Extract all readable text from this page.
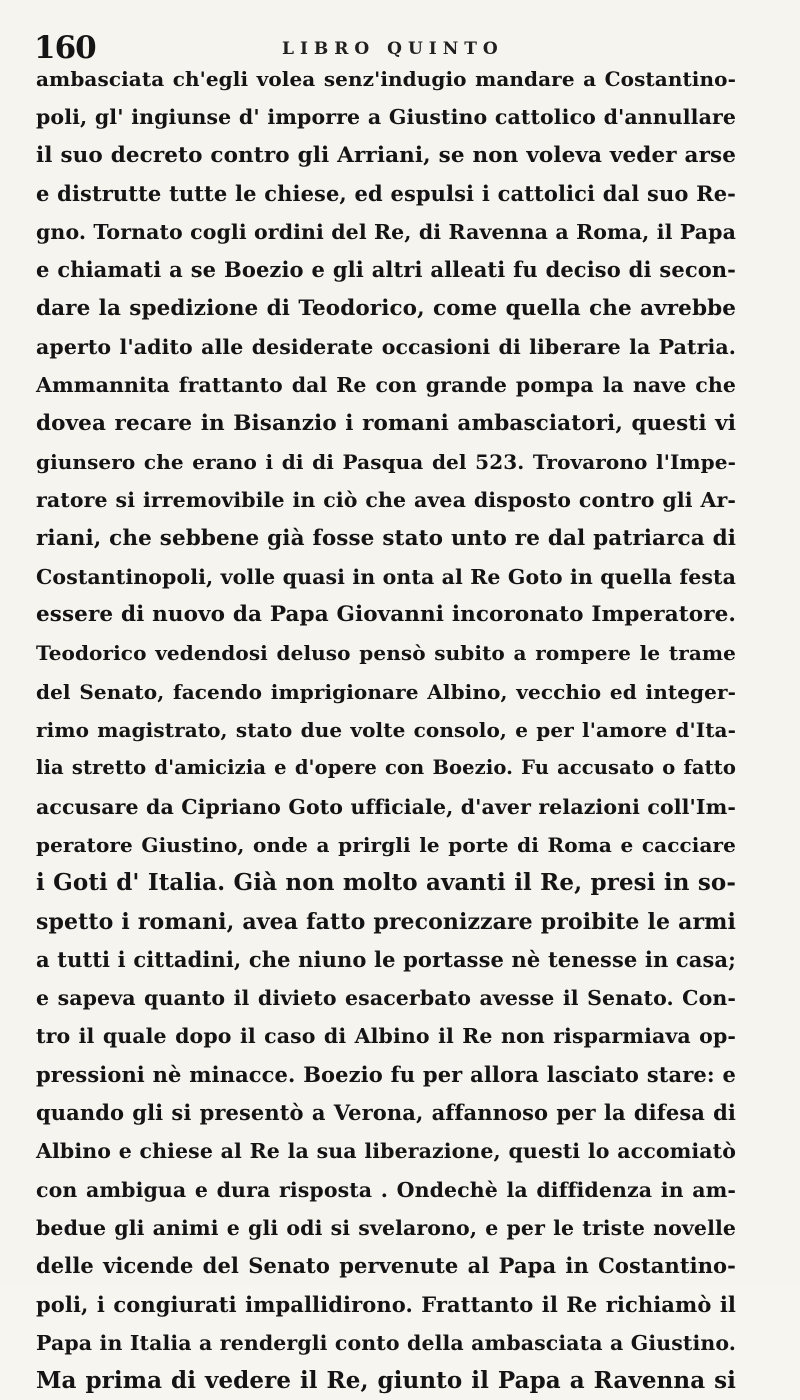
160	LIBRO QUINTO
ambasciata ch'egli volea senz'indugio mandare a Costantino-
poli, gl' ingiunse d' imporre a Giustino cattolico d'annullare
il suo decreto contro gli Arriani, se non voleva veder arse
e distrutte tutte le chiese, ed espulsi i cattolici dal suo Re-
gno. Tornato cogli ordini del Re, di Ravenna a Roma, il Papa
e chiamati a se Boezio e gli altri alleati fu deciso di secon-
dare la spedizione di Teodorico, come quella che avrebbe
aperto l'adito alle desiderate occasioni di liberare la Patria.
Ammannita frattanto dal Re con grande pompa la nave che
dovea recare in Bisanzio i romani ambasciatori, questi vi
giunsero che erano i di di Pasqua del 523. Trovarono l'Impe-
ratore si irremovibile in ciò che avea disposto contro gli Ar-
riani, che sebbene già fosse stato unto re dal patriarca di
Costantinopoli, volle quasi in onta al Re Goto in quella festa
essere di nuovo da Papa Giovanni incoronato Imperatore.
Teodorico vedendosi deluso pensò subito a rompere le trame
del Senato, facendo imprigionare Albino, vecchio ed integer-
rimo magistrato, stato due volte consolo, e per l'amore d'Ita-
lia stretto d'amicizia e d'opere con Boezio. Fu accusato o fatto
accusare da Cipriano Goto ufficiale, d'aver relazioni coll'Im-
peratore Giustino, onde a prirgli le porte di Roma e cacciare
i Goti d' Italia. Già non molto avanti il Re, presi in so-
spetto i romani, avea fatto preconizzare proibite le armi
a tutti i cittadini, che niuno le portasse nè tenesse in casa;
e sapeva quanto il divieto esacerbato avesse il Senato. Con-
tro il quale dopo il caso di Albino il Re non risparmiava op-
pressioni nè minacce. Boezio fu per allora lasciato stare: e
quando gli si presentò a Verona, affannoso per la difesa di
Albino e chiese al Re la sua liberazione, questi lo accomiatò
con ambigua e dura risposta . Ondechè la diffidenza in am-
bedue gli animi e gli odi si svelarono, e per le triste novelle
delle vicende del Senato pervenute al Papa in Costantino-
poli, i congiurati impallidirono. Frattanto il Re richiamò il
Papa in Italia a rendergli conto della ambasciata a Giustino.
Ma prima di vedere il Re, giunto il Papa a Ravenna si
